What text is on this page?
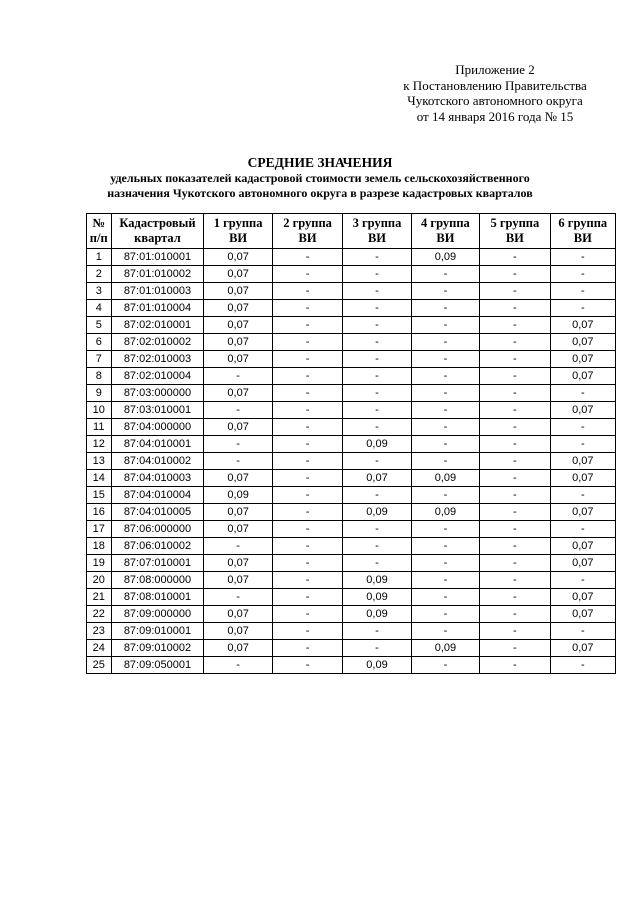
Приложение 2
к Постановлению Правительства
Чукотского автономного округа
от 14 января 2016 года № 15
СРЕДНИЕ ЗНАЧЕНИЯ
удельных показателей кадастровой стоимости земель сельскохозяйственного
назначения Чукотского автономного округа в разрезе кадастровых кварталов
№ п/п	Кадастровый квартал	1 группа ВИ	2 группа ВИ	3 группа ВИ	4 группа ВИ	5 группа ВИ	6 группа ВИ
1	87:01:010001	0,07	-	-	0,09	-	-
2	87:01:010002	0,07	-	-	-	-	-
3	87:01:010003	0,07	-	-	-	-	-
4	87:01:010004	0,07	-	-	-	-	-
5	87:02:010001	0,07	-	-	-	-	0,07
6	87:02:010002	0,07	-	-	-	-	0,07
7	87:02:010003	0,07	-	-	-	-	0,07
8	87:02:010004	-	-	-	-	-	0,07
9	87:03:000000	0,07	-	-	-	-	-
10	87:03:010001	-	-	-	-	-	0,07
11	87:04:000000	0,07	-	-	-	-	-
12	87:04:010001	-	-	0,09	-	-	-
13	87:04:010002	-	-	-	-	-	0,07
14	87:04:010003	0,07	-	0,07	0,09	-	0,07
15	87:04:010004	0,09	-	-	-	-	-
16	87:04:010005	0,07	-	0,09	0,09	-	0,07
17	87:06:000000	0,07	-	-	-	-	-
18	87:06:010002	-	-	-	-	-	0,07
19	87:07:010001	0,07	-	-	-	-	0,07
20	87:08:000000	0,07	-	0,09	-	-	-
21	87:08:010001	-	-	0,09	-	-	0,07
22	87:09:000000	0,07	-	0,09	-	-	0,07
23	87:09:010001	0,07	-	-	-	-	-
24	87:09:010002	0,07	-	-	0,09	-	0,07
25	87:09:050001	-	-	0,09	-	-	-
